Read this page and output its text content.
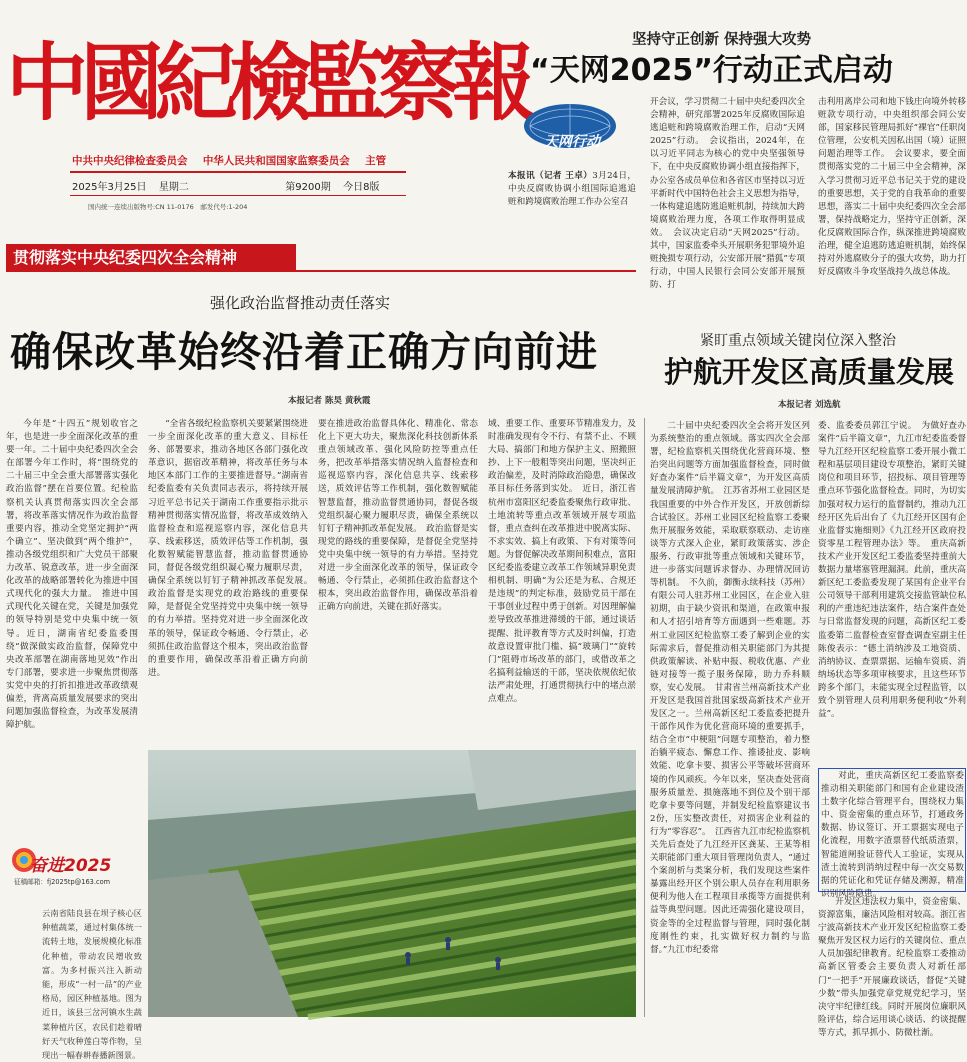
中國紀檢監察報
中共中央纪律检查委员会 中华人民共和国国家监察委员会 主管
2025年3月25日 星期二	第9200期 今日8版
国内统一连续出版物号:CN 11-0176　邮发代号:1-204
坚持守正创新 保持强大攻势
“天网2025”行动正式启动
天网行动
本报讯（记者 王卓）3月24日，中央反腐败协调小组国际追逃追赃和跨境腐败治理工作办公室召

开会议，学习贯彻二十届中央纪委四次全会精神，研究部署2025年反腐败国际追逃追赃和跨境腐败治理工作，启动“天网2025”行动。　会议指出，2024年，在以习近平同志为核心的党中央坚强领导下，在中央反腐败协调小组直接指挥下，办公室各成员单位和各省区市坚持以习近平新时代中国特色社会主义思想为指导，一体构建追逃防逃追赃机制，持续加大跨境腐败治理力度，各项工作取得明显成效。　会议决定启动“天网2025”行动。其中，国家监委牵头开展职务犯罪境外追赃挽损专项行动，公安部开展“猎狐”专项行动，中国人民银行会同公安部开展预防、打

击利用离岸公司和地下钱庄向境外转移赃款专项行动，中央组织部会同公安部，国家移民管理局抓好“裸官”任职岗位管理，公安机关因私出国（境）证照问题治理等工作。　会议要求，要全面贯彻落实党的二十届三中全会精神，深入学习贯彻习近平总书记关于党的建设的重要思想，关于党的自我革命的重要思想，落实二十届中央纪委四次全会部署，保持战略定力，坚持守正创新，深化反腐败国际合作，纵深推进跨境腐败治理，健全追逃防逃追赃机制，始终保持对外逃腐败分子的强大攻势，助力打好反腐败斗争攻坚战持久战总体战。

贯彻落实中央纪委四次全会精神
强化政治监督推动责任落实
确保改革始终沿着正确方向前进
本报记者 陈昊 黄秋霞

今年是“十四五”规划收官之年，也是进一步全面深化改革的重要一年。二十届中央纪委四次全会在部署今年工作时，将“围绕党的二十届三中全会重大部署落实强化政治监督”摆在首要位置。纪检监察机关认真贯彻落实四次全会部署，将改革落实情况作为政治监督重要内容，推动全党坚定拥护“两个确立”、坚决做到“两个维护”，推动各级党组织和广大党员干部聚力改革、锐意改革，进一步全面深化改革的战略部署转化为推进中国式现代化的强大力量。　推进中国式现代化关键在党，关键是加强党的领导特别是党中央集中统一领导。近日，湖南省纪委监委围绕“做深做实政治监督，保障党中央改革部署在湖南落地见效”作出专门部署，要求进一步聚焦贯彻落实党中央的打折扣推进改革政绩观偏差，背离高质量发展要求的突出问题加强监督检查，为改革发展清障护航。

“全省各级纪检监察机关要紧紧围绕进一步全面深化改革的重大意义、目标任务、部署要求，推动各地区各部门强化改革意识，据宿改革精神，将改革任务与本地区本部门工作的主要推进督导。”湖南省纪委监委有关负责同志表示，将持续开展习近平总书记关于湖南工作重要指示批示精神贯彻落实情况监督，将改革成效纳入监督检查和巡视巡察内容，深化信息共享、线索移送，质效评估等工作机制，强化数智赋能智慧监督，推动监督贯通协同，督促各级党组织凝心聚力履职尽责，确保全系统以钉钉子精神抓改革促发展。　政治监督是实现党的政治路线的重要保障，是督促全党坚持党中央集中统一领导的有力举措。坚持党对进一步全面深化改革的领导，保证政令畅通、令行禁止，必须抓住政治监督这个根本，突出政治监督的重要作用，确保改革沿着正确方向前进。

要在推进政治监督具体化、精准化、常态化上下更大功夫，聚焦深化科技创新体系重点领域改革、强化风险防控等重点任务，把改革举措落实情况纳入监督检查和巡视巡察内容，深化信息共享、线索移送，质效评估等工作机制，强化数智赋能智慧监督，推动监督贯通协同，督促各级党组织凝心聚力履职尽责，确保全系统以钉钉子精神抓改革促发展。　政治监督是实现党的路线的重要保障，是督促全党坚持党中央集中统一领导的有力举措。坚持党对进一步全面深化改革的领导，保证政令畅通、令行禁止，必须抓住政治监督这个根本，突出政治监督作用，确保改革沿着正确方向前进，关键在抓好落实。

域、重要工作、重要环节精准发力，及时准确发现有令不行、有禁不止、不顾大局、搞部门和地方保护主义、照搬照抄、上下一般粗等突出问题，坚决纠正政治偏差，及时消除政治隐患，确保改革目标任务落到实处。　近日，浙江省杭州市富阳区纪委监委聚焦行政审批、土地流转等重点改革领域开展专项监督，重点查纠在改革推进中脱离实际、不求实效、搞上有政策、下有对策等问题。为督促解决改革期间积难点，富阳区纪委监委建立改革工作领域异职免责相机制、明确“为公还是为私、合规还是违规”的判定标准，鼓励党员干部在干事创业过程中勇于创新。对因理解偏差导致改革推进滞缓的干部，通过谈话提醒、批评教育等方式及时纠偏，打造故意设置审批门槛、搞“玻璃门”“旋转门”阻碍市场改革的部门，或借改革之名搞利益输送的干部，坚决依规依纪依法严肃处理，打通贯彻执行中的堵点淤点难点。

紧盯重点领域关键岗位深入整治
护航开发区高质量发展
本报记者 刘选航

二十届中央纪委四次全会将开发区列为系统整治的重点领域。落实四次全会部署，纪检监察机关围绕优化营商环境、整治突出问题等方面加强监督检查，同时做好查办案件“后半篇文章”，为开发区高质量发展清障护航。　江苏省苏州工业园区是我国重要的中外合作开发区，开放创新综合试验区。苏州工业园区纪检监察工委聚焦开展服务效能，采取联察联动、走访座谈等方式深入企业，紧盯政策落实、涉企服务、行政审批等重点领域和关键环节，进一步落实问题诉求督办、办理情况回访等机制。　不久前，御衡永续科技（苏州）有限公司人驻苏州工业园区，在企业入驻初期，由于缺少资讯和渠道，在政策申报和人才招引培育等方面遇到一些难题。苏州工业园区纪检监察工委了解到企业的实际需求后，督促推动相关职能部门为其提供政策解读、补贴申报、税收优惠、产业链对接等一揽子服务保障，助力乔科顺察，安心发展。　甘肃省兰州高新技术产业开发区是我国首批国家级高新技术产业开发区之一。兰州高新区纪工委监委把提升干部作风作为优化营商环境的重要抓手，结合全市“中梗阻”问题专项整治，着力整治躺平疲态、懈怠工作、推诿扯皮、影响效能、吃拿卡要、损害公平等破坏营商环境的作风顽疾。今年以来，坚决查处营商服务质量差、损施落地不到位及个别干部吃拿卡要等问题，并制发纪检监察建议书2份，压实整改责任，对损害企业利益的行为“零容忍”。　江西省九江市纪检监察机关先后查处了九江经开区龚某、王某等相关职能部门重大项目管理岗负责人，“通过个案剖析与类案分析，我们发现这些案件暴露出经开区个别公职人员存在利用职务便利为他人在工程项目承揽等方面提供利益等典型问题。因此还需强化建设项目，资金等的全过程监督与管理，同时强化制度刚性约束，扎实做好权力制约与监督。”九江市纪委常

委、监委委员郭江宁说。　为做好查办案件“后半篇文章”，九江市纪委监委督导九江经开区纪检监察工委开展小微工程和基层项目建设专项整治，紧盯关键岗位和项目环节，招投标、项目管理等重点环节强化监督检查。同时，为切实加强对权力运行的监督制约，推动九江经开区先后出台了《九江经开区国有企业监督实施细则》《九江经开区政府投资零星工程管理办法》等。　重庆高新技术产业开发区纪工委监委坚持重前大数据力量堵塞管理漏洞。此前，重庆高新区纪工委监委发现了某国有企业平台公司领导干部利用建筑交接监管缺位私利的产重违纪违法案件，结合案件查处与日常监督发现的问题，高新区纪工委监委第二监督检查室督查调查室副主任陈俊表示：“德土消纳涉及工地资质、消纳协议、查票票据、运输车资质、消纳场状态等多项审核要求，且这些环节跨多个部门，未能实现全过程监管，以致个别管理人员利用职务便利收“外利益”。

对此，重庆高新区纪工委监察委推动相关职能部门和国有企业建设渣土数字化综合管理平台，围绕权力集中、资金密集的重点环节，打通政务数据、协议签订、开工票据实现电子化流程，用数字渣票替代纸质渣票，智能道闸验证替代人工验证，实现从渣土流转到消纳过程中每一次交易数据的凭证化和凭证存储及溯源，精准识别风险隐患。

开发区违法权力集中，资金密集、资源富集，廉洁风险相对较高。浙江省宁波高新技术产业开发区纪检监察工委聚焦开发区权力运行的关键岗位、重点人员加强纪律教育。纪检监察工委推动高新区管委会主要负责人对新任部门“一把手”开展廉政谈话，督促“关键少数”带头加强党章党规党纪学习，坚决守牢纪律红线。同时开展岗位廉职风险评估，综合运用谈心谈话、约谈提醒等方式，抓早抓小、防微杜渐。

奋进2025
征稿邮箱：fj2025tp@163.com
云南省陆良县在坝子核心区种植蔬菜，通过村集体统一流转土地，发展规模化标准化种植，带动农民增收致富。为多村振兴注入新动能，形成“一村一品”的产业格局，园区种植基地。图为近日，该县三岔河镇水生蔬菜种植片区，农民们趁着晴好天气收种莲白等作物，呈现出一幅春耕春播新图景。
